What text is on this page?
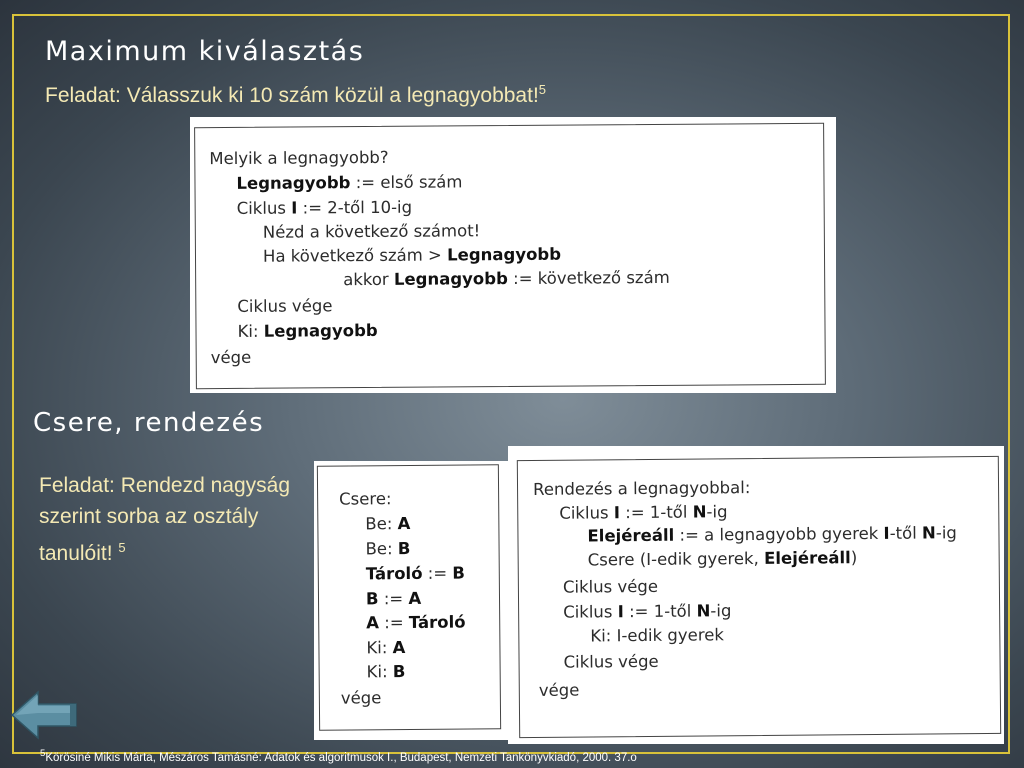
Maximum kiválasztás
Feladat: Válasszuk ki 10 szám közül a legnagyobbat!$^5$
Melyik a legnagyobb?
Legnagyobb := első szám
Ciklus I := 2-től 10-ig
Nézd a következő számot!
Ha következő szám > Legnagyobb
akkor Legnagyobb := következő szám
Ciklus vége
Ki: Legnagyobb
vége
Csere, rendezés
Feladat: Rendezd nagyság szerint sorba az osztály tanulóit! $^5$
Csere:
Be: A
Be: B
Tároló := B
B := A
A := Tároló
Ki: A
Ki: B
vége
Rendezés a legnagyobbal:
Ciklus I := 1-től N-ig
Elejéreáll := a legnagyobb gyerek I-től N-ig
Csere (I-edik gyerek, Elejéreáll)
Ciklus vége
Ciklus I := 1-től N-ig
Ki: I-edik gyerek
Ciklus vége
vége
$^5$Körösiné Mikis Márta, Mészáros Tamásné: Adatok és algoritmusok I., Budapest, Nemzeti Tankönyvkiadó, 2000. 37.o
